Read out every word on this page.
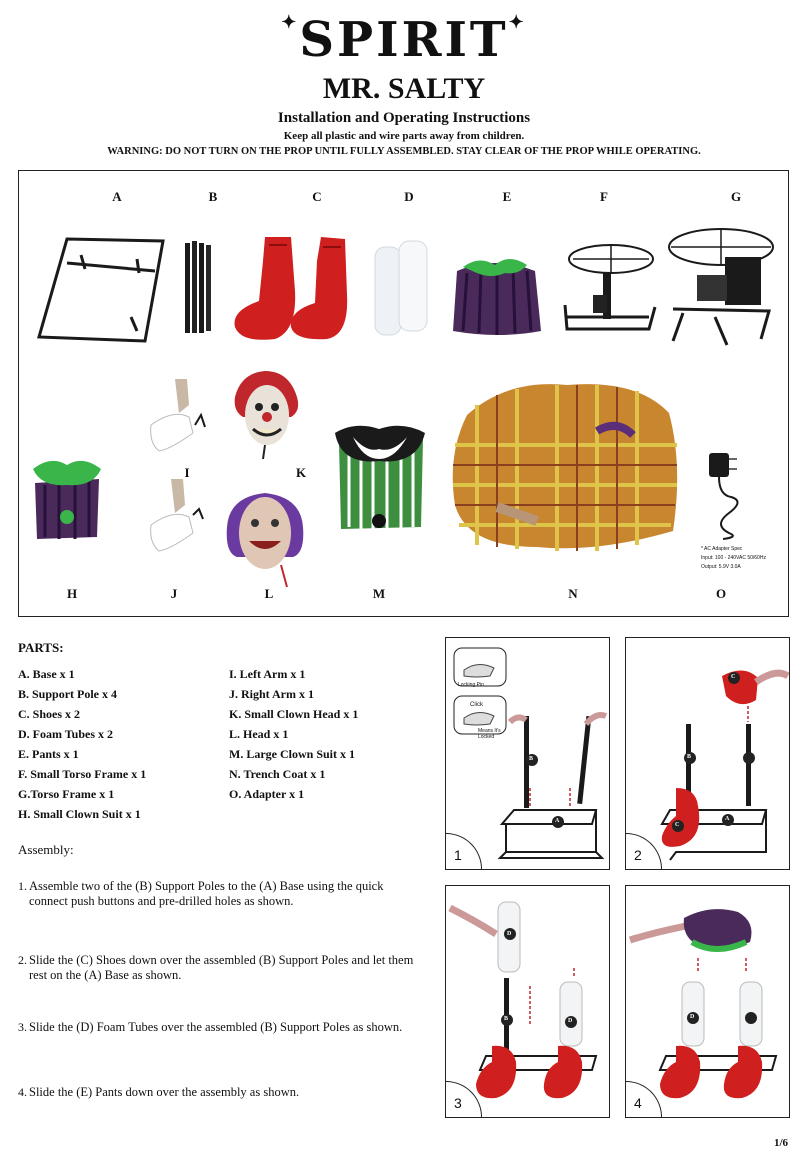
✦SPIRIT✦
MR. SALTY
Installation and Operating Instructions
Keep all plastic and wire parts away from children.
WARNING: DO NOT TURN ON THE PROP UNTIL FULLY ASSEMBLED. STAY CLEAR OF THE PROP WHILE OPERATING.
A	B	C	D	E	F	G
I	K
* AC Adapter Spec
Input: 100 - 240VAC 50/60Hz
Output: 5.9V 3.0A
H	J	L	M	N	O
PARTS:
A. Base x 1
B. Support Pole x 4
C. Shoes x 2
D. Foam Tubes x 2
E. Pants x 1
F. Small Torso Frame x 1
G.Torso Frame x 1
H. Small Clown Suit x 1
I. Left Arm x 1
J. Right Arm x 1
K. Small Clown Head x 1
L. Head x 1
M. Large Clown Suit x 1
N. Trench Coat x 1
O. Adapter x 1
Assembly:
1. Assemble two of the (B) Support Poles to the (A) Base using the quick connect push buttons and pre-drilled holes as shown.
2. Slide the (C) Shoes down over the assembled (B) Support Poles and let them rest on the (A) Base as shown.
3. Slide the (D) Foam Tubes over the assembled (B) Support Poles as shown.
4. Slide the (E) Pants down over the assembly as shown.
Locking Pin
Click
Means It's Locked
B
A
1
C
B
C
A
2
D
B	D
3
D
4
1/6
